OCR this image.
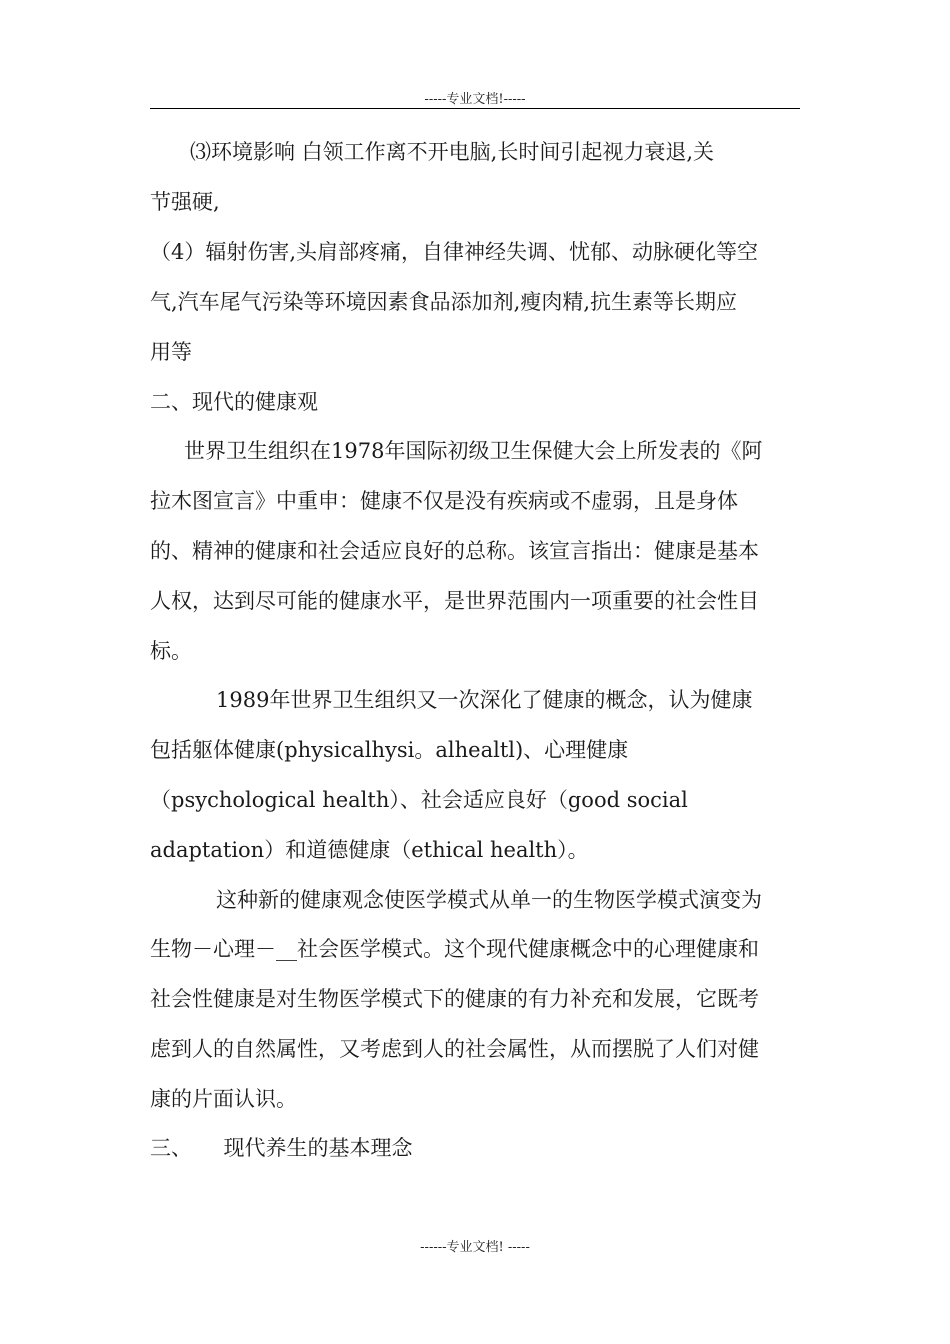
-----专业文档!-----
⑶环境影响 白领工作离不开电脑,长时间引起视力衰退,关
节强硬,
（4）辐射伤害,头肩部疼痛，自律神经失调、忧郁、动脉硬化等空
气,汽车尾气污染等环境因素食品添加剂,瘦肉精,抗生素等长期应
用等
二、现代的健康观
世界卫生组织在1978年国际初级卫生保健大会上所发表的《阿
拉木图宣言》中重申：健康不仅是没有疾病或不虚弱，且是身体
的、精神的健康和社会适应良好的总称。该宣言指出：健康是基本
人权，达到尽可能的健康水平，是世界范围内一项重要的社会性目
标。
1989年世界卫生组织又一次深化了健康的概念，认为健康
包括躯体健康(physicalhysi。alhealtl)、心理健康
（psychological health）、社会适应良好（good social
adaptation）和道德健康（ethical health）。
这种新的健康观念使医学模式从单一的生物医学模式演变为
生物－心理－__社会医学模式。这个现代健康概念中的心理健康和
社会性健康是对生物医学模式下的健康的有力补充和发展，它既考
虑到人的自然属性，又考虑到人的社会属性，从而摆脱了人们对健
康的片面认识。
三、　　现代养生的基本理念
------专业文档! -----
